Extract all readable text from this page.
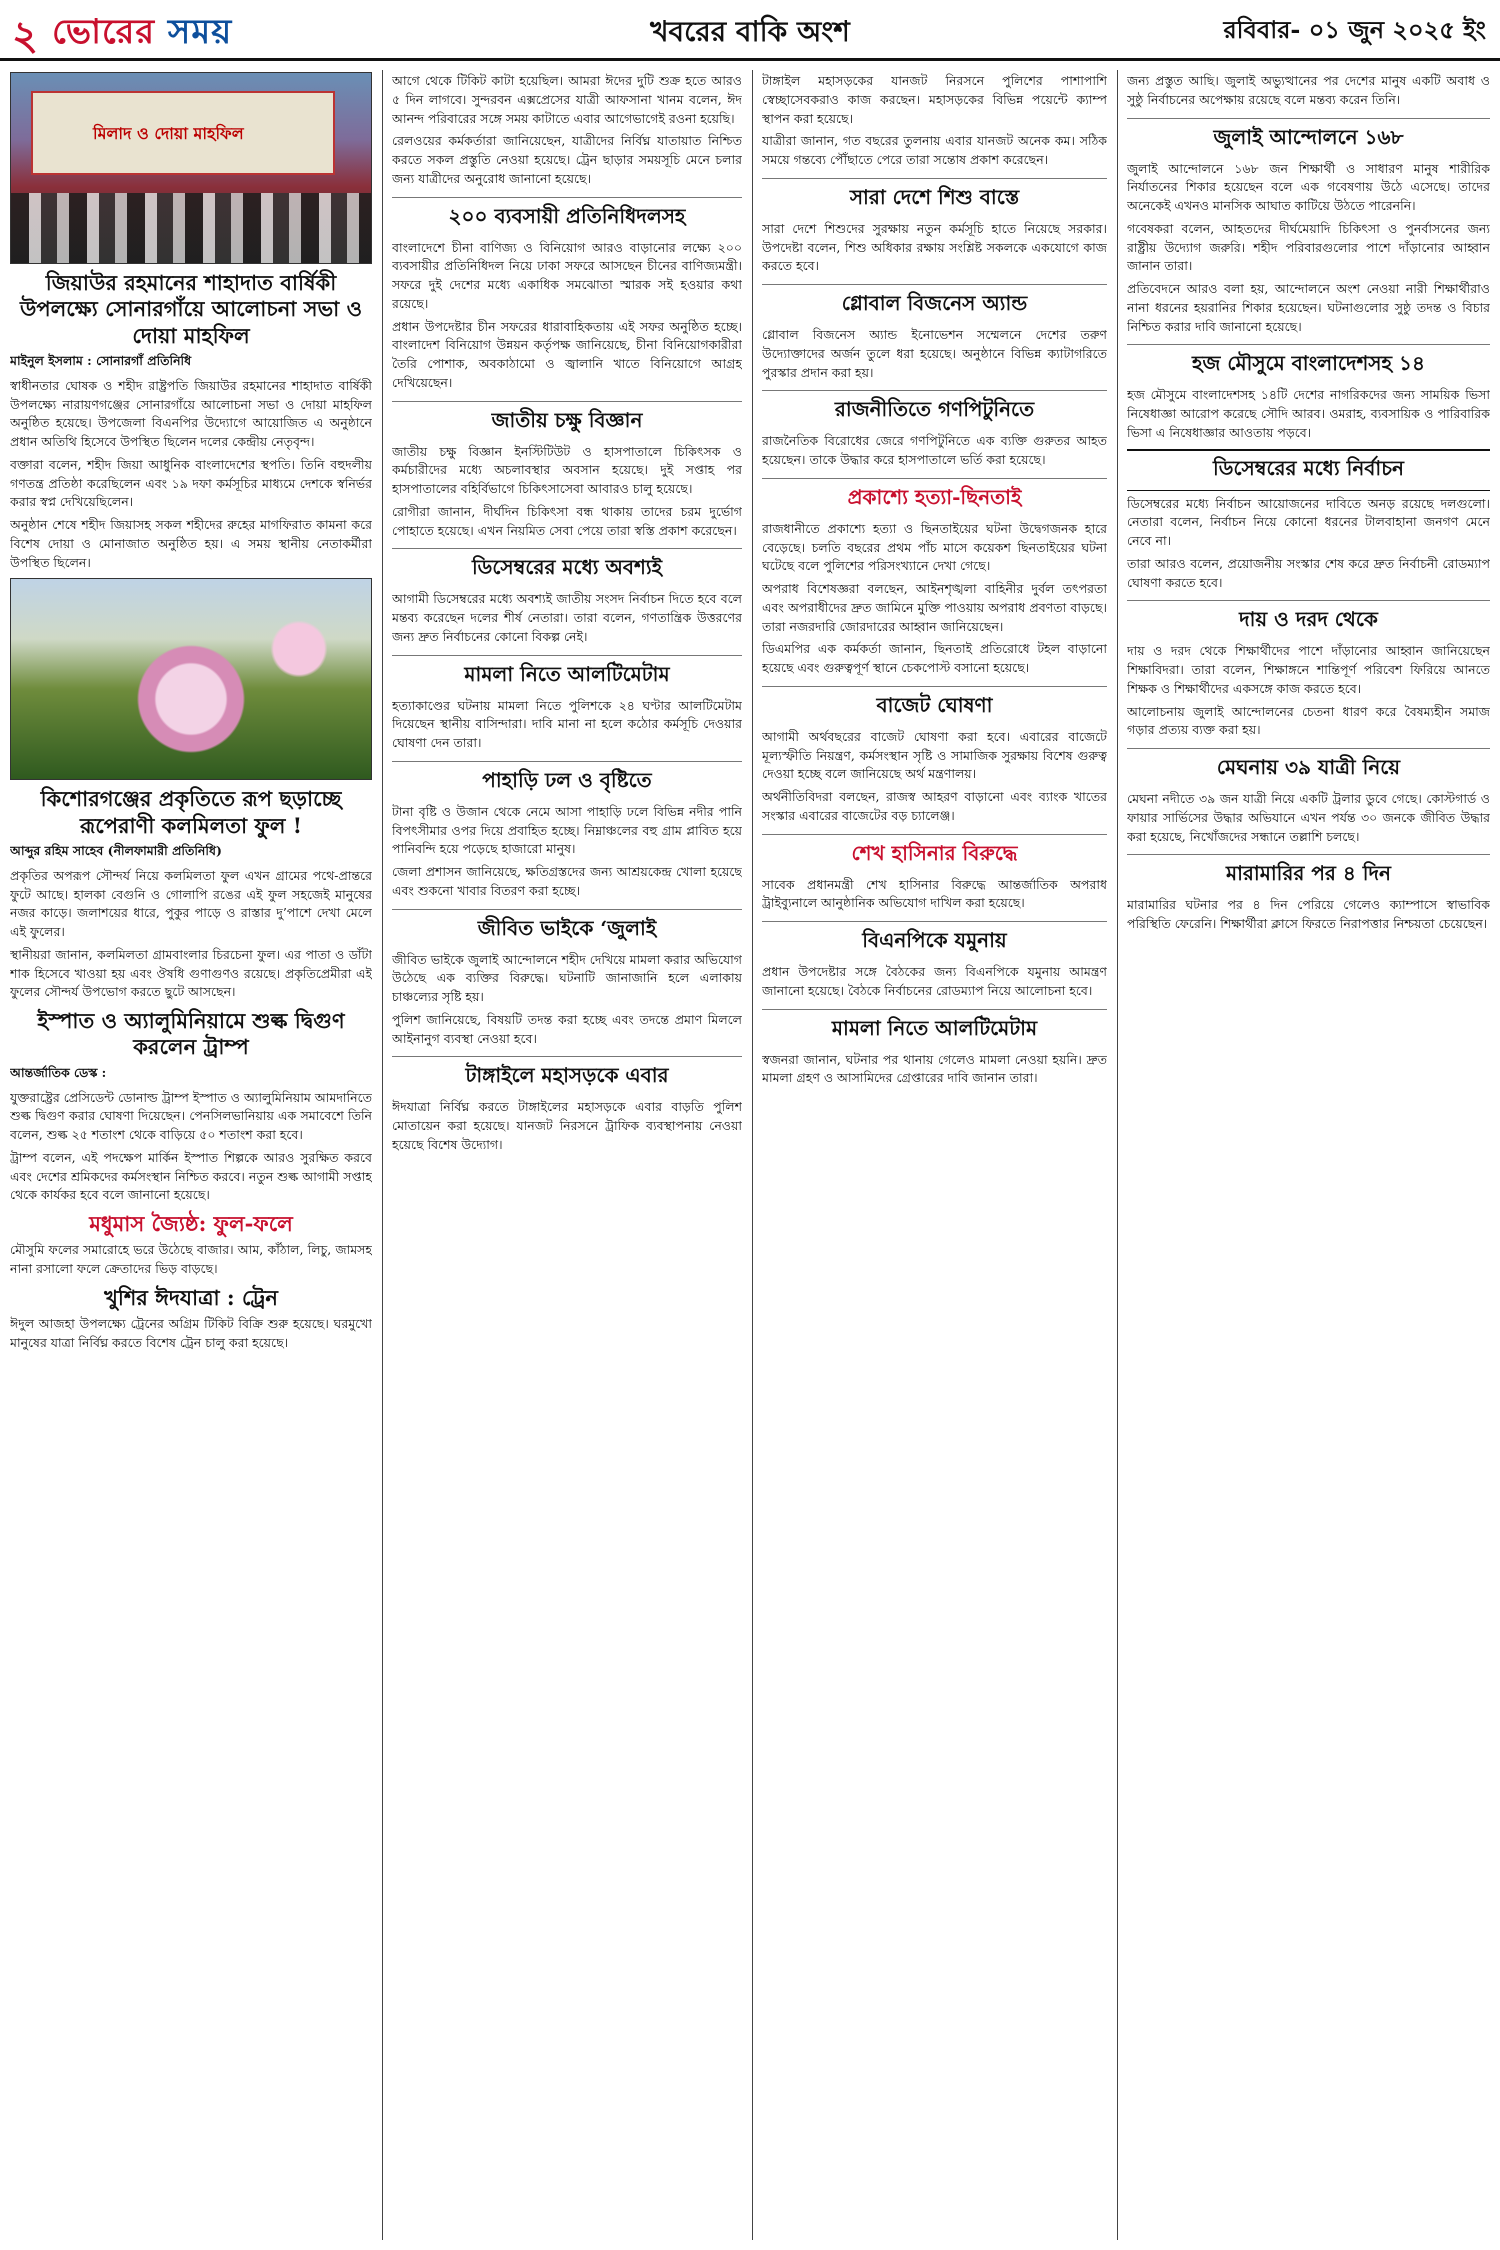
২ ভোরের সময়	খবরের বাকি অংশ	রবিবার- ০১ জুন ২০২৫ ইং
মিলাদ ও দোয়া মাহফিল
জিয়াউর রহমানের শাহাদাত বার্ষিকী উপলক্ষ্যে সোনারগাঁয়ে আলোচনা সভা ও দোয়া মাহফিল
মাইনুল ইসলাম : সোনারগাঁ প্রতিনিধি

স্বাধীনতার ঘোষক ও শহীদ রাষ্ট্রপতি জিয়াউর রহমানের শাহাদাত বার্ষিকী উপলক্ষ্যে নারায়ণগঞ্জের সোনারগাঁয়ে আলোচনা সভা ও দোয়া মাহফিল অনুষ্ঠিত হয়েছে। উপজেলা বিএনপির উদ্যোগে আয়োজিত এ অনুষ্ঠানে প্রধান অতিথি হিসেবে উপস্থিত ছিলেন দলের কেন্দ্রীয় নেতৃবৃন্দ।

বক্তারা বলেন, শহীদ জিয়া আধুনিক বাংলাদেশের স্থপতি। তিনি বহুদলীয় গণতন্ত্র প্রতিষ্ঠা করেছিলেন এবং ১৯ দফা কর্মসূচির মাধ্যমে দেশকে স্বনির্ভর করার স্বপ্ন দেখিয়েছিলেন।

অনুষ্ঠান শেষে শহীদ জিয়াসহ সকল শহীদের রুহের মাগফিরাত কামনা করে বিশেষ দোয়া ও মোনাজাত অনুষ্ঠিত হয়। এ সময় স্থানীয় নেতাকর্মীরা উপস্থিত ছিলেন।

কিশোরগঞ্জের প্রকৃতিতে রূপ ছড়াচ্ছে রূপেরাণী কলমিলতা ফুল !
আব্দুর রহিম সাহেব (নীলফামারী প্রতিনিধি)

প্রকৃতির অপরূপ সৌন্দর্য নিয়ে কলমিলতা ফুল এখন গ্রামের পথে-প্রান্তরে ফুটে আছে। হালকা বেগুনি ও গোলাপি রঙের এই ফুল সহজেই মানুষের নজর কাড়ে। জলাশয়ের ধারে, পুকুর পাড়ে ও রাস্তার দু’পাশে দেখা মেলে এই ফুলের।

স্থানীয়রা জানান, কলমিলতা গ্রামবাংলার চিরচেনা ফুল। এর পাতা ও ডাঁটা শাক হিসেবে খাওয়া হয় এবং ঔষধি গুণাগুণও রয়েছে। প্রকৃতিপ্রেমীরা এই ফুলের সৌন্দর্য উপভোগ করতে ছুটে আসছেন।

ইস্পাত ও অ্যালুমিনিয়ামে শুল্ক দ্বিগুণ করলেন ট্রাম্প
আন্তর্জাতিক ডেস্ক :

যুক্তরাষ্ট্রের প্রেসিডেন্ট ডোনাল্ড ট্রাম্প ইস্পাত ও অ্যালুমিনিয়াম আমদানিতে শুল্ক দ্বিগুণ করার ঘোষণা দিয়েছেন। পেনসিলভানিয়ায় এক সমাবেশে তিনি বলেন, শুল্ক ২৫ শতাংশ থেকে বাড়িয়ে ৫০ শতাংশ করা হবে।

ট্রাম্প বলেন, এই পদক্ষেপ মার্কিন ইস্পাত শিল্পকে আরও সুরক্ষিত করবে এবং দেশের শ্রমিকদের কর্মসংস্থান নিশ্চিত করবে। নতুন শুল্ক আগামী সপ্তাহ থেকে কার্যকর হবে বলে জানানো হয়েছে।

মধুমাস জ্যৈষ্ঠ: ফুল-ফলে

মৌসুমি ফলের সমারোহে ভরে উঠেছে বাজার। আম, কাঁঠাল, লিচু, জামসহ নানা রসালো ফলে ক্রেতাদের ভিড় বাড়ছে।

খুশির ঈদযাত্রা : ট্রেন

ঈদুল আজহা উপলক্ষ্যে ট্রেনের অগ্রিম টিকিট বিক্রি শুরু হয়েছে। ঘরমুখো মানুষের যাত্রা নির্বিঘ্ন করতে বিশেষ ট্রেন চালু করা হয়েছে।

আগে থেকে টিকিট কাটা হয়েছিল। আমরা ঈদের দুটি শুক্র হতে আরও ৫ দিন লাগবে। সুন্দরবন এক্সপ্রেসের যাত্রী আফসানা খানম বলেন, ঈদ আনন্দ পরিবারের সঙ্গে সময় কাটাতে এবার আগেভাগেই রওনা হয়েছি।

রেলওয়ের কর্মকর্তারা জানিয়েছেন, যাত্রীদের নির্বিঘ্ন যাতায়াত নিশ্চিত করতে সকল প্রস্তুতি নেওয়া হয়েছে। ট্রেন ছাড়ার সময়সূচি মেনে চলার জন্য যাত্রীদের অনুরোধ জানানো হয়েছে।

২০০ ব্যবসায়ী প্রতিনিধিদলসহ

বাংলাদেশে চীনা বাণিজ্য ও বিনিয়োগ আরও বাড়ানোর লক্ষ্যে ২০০ ব্যবসায়ীর প্রতিনিধিদল নিয়ে ঢাকা সফরে আসছেন চীনের বাণিজ্যমন্ত্রী। সফরে দুই দেশের মধ্যে একাধিক সমঝোতা স্মারক সই হওয়ার কথা রয়েছে।

প্রধান উপদেষ্টার চীন সফরের ধারাবাহিকতায় এই সফর অনুষ্ঠিত হচ্ছে। বাংলাদেশ বিনিয়োগ উন্নয়ন কর্তৃপক্ষ জানিয়েছে, চীনা বিনিয়োগকারীরা তৈরি পোশাক, অবকাঠামো ও জ্বালানি খাতে বিনিয়োগে আগ্রহ দেখিয়েছেন।

জাতীয় চক্ষু বিজ্ঞান

জাতীয় চক্ষু বিজ্ঞান ইনস্টিটিউট ও হাসপাতালে চিকিৎসক ও কর্মচারীদের মধ্যে অচলাবস্থার অবসান হয়েছে। দুই সপ্তাহ পর হাসপাতালের বহির্বিভাগে চিকিৎসাসেবা আবারও চালু হয়েছে।

রোগীরা জানান, দীর্ঘদিন চিকিৎসা বন্ধ থাকায় তাদের চরম দুর্ভোগ পোহাতে হয়েছে। এখন নিয়মিত সেবা পেয়ে তারা স্বস্তি প্রকাশ করেছেন।

ডিসেম্বরের মধ্যে অবশ্যই

আগামী ডিসেম্বরের মধ্যে অবশ্যই জাতীয় সংসদ নির্বাচন দিতে হবে বলে মন্তব্য করেছেন দলের শীর্ষ নেতারা। তারা বলেন, গণতান্ত্রিক উত্তরণের জন্য দ্রুত নির্বাচনের কোনো বিকল্প নেই।

মামলা নিতে আলটিমেটাম

হত্যাকাণ্ডের ঘটনায় মামলা নিতে পুলিশকে ২৪ ঘণ্টার আলটিমেটাম দিয়েছেন স্থানীয় বাসিন্দারা। দাবি মানা না হলে কঠোর কর্মসূচি দেওয়ার ঘোষণা দেন তারা।

পাহাড়ি ঢল ও বৃষ্টিতে

টানা বৃষ্টি ও উজান থেকে নেমে আসা পাহাড়ি ঢলে বিভিন্ন নদীর পানি বিপৎসীমার ওপর দিয়ে প্রবাহিত হচ্ছে। নিম্নাঞ্চলের বহু গ্রাম প্লাবিত হয়ে পানিবন্দি হয়ে পড়েছে হাজারো মানুষ।

জেলা প্রশাসন জানিয়েছে, ক্ষতিগ্রস্তদের জন্য আশ্রয়কেন্দ্র খোলা হয়েছে এবং শুকনো খাবার বিতরণ করা হচ্ছে।

জীবিত ভাইকে ‘জুলাই

জীবিত ভাইকে জুলাই আন্দোলনে শহীদ দেখিয়ে মামলা করার অভিযোগ উঠেছে এক ব্যক্তির বিরুদ্ধে। ঘটনাটি জানাজানি হলে এলাকায় চাঞ্চল্যের সৃষ্টি হয়।

পুলিশ জানিয়েছে, বিষয়টি তদন্ত করা হচ্ছে এবং তদন্তে প্রমাণ মিললে আইনানুগ ব্যবস্থা নেওয়া হবে।

টাঙ্গাইলে মহাসড়কে এবার

ঈদযাত্রা নির্বিঘ্ন করতে টাঙ্গাইলের মহাসড়কে এবার বাড়তি পুলিশ মোতায়েন করা হয়েছে। যানজট নিরসনে ট্রাফিক ব্যবস্থাপনায় নেওয়া হয়েছে বিশেষ উদ্যোগ।

টাঙ্গাইল মহাসড়কের যানজট নিরসনে পুলিশের পাশাপাশি স্বেচ্ছাসেবকরাও কাজ করছেন। মহাসড়কের বিভিন্ন পয়েন্টে ক্যাম্প স্থাপন করা হয়েছে।

যাত্রীরা জানান, গত বছরের তুলনায় এবার যানজট অনেক কম। সঠিক সময়ে গন্তব্যে পৌঁছাতে পেরে তারা সন্তোষ প্রকাশ করেছেন।

সারা দেশে শিশু বাস্তে

সারা দেশে শিশুদের সুরক্ষায় নতুন কর্মসূচি হাতে নিয়েছে সরকার। উপদেষ্টা বলেন, শিশু অধিকার রক্ষায় সংশ্লিষ্ট সকলকে একযোগে কাজ করতে হবে।

গ্লোবাল বিজনেস অ্যান্ড

গ্লোবাল বিজনেস অ্যান্ড ইনোভেশন সম্মেলনে দেশের তরুণ উদ্যোক্তাদের অর্জন তুলে ধরা হয়েছে। অনুষ্ঠানে বিভিন্ন ক্যাটাগরিতে পুরস্কার প্রদান করা হয়।

রাজনীতিতে গণপিটুনিতে

রাজনৈতিক বিরোধের জেরে গণপিটুনিতে এক ব্যক্তি গুরুতর আহত হয়েছেন। তাকে উদ্ধার করে হাসপাতালে ভর্তি করা হয়েছে।

প্রকাশ্যে হত্যা-ছিনতাই

রাজধানীতে প্রকাশ্যে হত্যা ও ছিনতাইয়ের ঘটনা উদ্বেগজনক হারে বেড়েছে। চলতি বছরের প্রথম পাঁচ মাসে কয়েকশ ছিনতাইয়ের ঘটনা ঘটেছে বলে পুলিশের পরিসংখ্যানে দেখা গেছে।

অপরাধ বিশেষজ্ঞরা বলছেন, আইনশৃঙ্খলা বাহিনীর দুর্বল তৎপরতা এবং অপরাধীদের দ্রুত জামিনে মুক্তি পাওয়ায় অপরাধ প্রবণতা বাড়ছে। তারা নজরদারি জোরদারের আহ্বান জানিয়েছেন।

ডিএমপির এক কর্মকর্তা জানান, ছিনতাই প্রতিরোধে টহল বাড়ানো হয়েছে এবং গুরুত্বপূর্ণ স্থানে চেকপোস্ট বসানো হয়েছে।

বাজেট ঘোষণা

আগামী অর্থবছরের বাজেট ঘোষণা করা হবে। এবারের বাজেটে মূল্যস্ফীতি নিয়ন্ত্রণ, কর্মসংস্থান সৃষ্টি ও সামাজিক সুরক্ষায় বিশেষ গুরুত্ব দেওয়া হচ্ছে বলে জানিয়েছে অর্থ মন্ত্রণালয়।

অর্থনীতিবিদরা বলছেন, রাজস্ব আহরণ বাড়ানো এবং ব্যাংক খাতের সংস্কার এবারের বাজেটের বড় চ্যালেঞ্জ।

শেখ হাসিনার বিরুদ্ধে

সাবেক প্রধানমন্ত্রী শেখ হাসিনার বিরুদ্ধে আন্তর্জাতিক অপরাধ ট্রাইব্যুনালে আনুষ্ঠানিক অভিযোগ দাখিল করা হয়েছে।

বিএনপিকে যমুনায়

প্রধান উপদেষ্টার সঙ্গে বৈঠকের জন্য বিএনপিকে যমুনায় আমন্ত্রণ জানানো হয়েছে। বৈঠকে নির্বাচনের রোডম্যাপ নিয়ে আলোচনা হবে।

মামলা নিতে আলটিমেটাম

স্বজনরা জানান, ঘটনার পর থানায় গেলেও মামলা নেওয়া হয়নি। দ্রুত মামলা গ্রহণ ও আসামিদের গ্রেপ্তারের দাবি জানান তারা।

জন্য প্রস্তুত আছি। জুলাই অভ্যুত্থানের পর দেশের মানুষ একটি অবাধ ও সুষ্ঠু নির্বাচনের অপেক্ষায় রয়েছে বলে মন্তব্য করেন তিনি।

জুলাই আন্দোলনে ১৬৮

জুলাই আন্দোলনে ১৬৮ জন শিক্ষার্থী ও সাধারণ মানুষ শারীরিক নির্যাতনের শিকার হয়েছেন বলে এক গবেষণায় উঠে এসেছে। তাদের অনেকেই এখনও মানসিক আঘাত কাটিয়ে উঠতে পারেননি।

গবেষকরা বলেন, আহতদের দীর্ঘমেয়াদি চিকিৎসা ও পুনর্বাসনের জন্য রাষ্ট্রীয় উদ্যোগ জরুরি। শহীদ পরিবারগুলোর পাশে দাঁড়ানোর আহ্বান জানান তারা।

প্রতিবেদনে আরও বলা হয়, আন্দোলনে অংশ নেওয়া নারী শিক্ষার্থীরাও নানা ধরনের হয়রানির শিকার হয়েছেন। ঘটনাগুলোর সুষ্ঠু তদন্ত ও বিচার নিশ্চিত করার দাবি জানানো হয়েছে।

হজ মৌসুমে বাংলাদেশসহ ১৪

হজ মৌসুমে বাংলাদেশসহ ১৪টি দেশের নাগরিকদের জন্য সাময়িক ভিসা নিষেধাজ্ঞা আরোপ করেছে সৌদি আরব। ওমরাহ, ব্যবসায়িক ও পারিবারিক ভিসা এ নিষেধাজ্ঞার আওতায় পড়বে।

ডিসেম্বরের মধ্যে নির্বাচন

ডিসেম্বরের মধ্যে নির্বাচন আয়োজনের দাবিতে অনড় রয়েছে দলগুলো। নেতারা বলেন, নির্বাচন নিয়ে কোনো ধরনের টালবাহানা জনগণ মেনে নেবে না।

তারা আরও বলেন, প্রয়োজনীয় সংস্কার শেষ করে দ্রুত নির্বাচনী রোডম্যাপ ঘোষণা করতে হবে।

দায় ও দরদ থেকে

দায় ও দরদ থেকে শিক্ষার্থীদের পাশে দাঁড়ানোর আহ্বান জানিয়েছেন শিক্ষাবিদরা। তারা বলেন, শিক্ষাঙ্গনে শান্তিপূর্ণ পরিবেশ ফিরিয়ে আনতে শিক্ষক ও শিক্ষার্থীদের একসঙ্গে কাজ করতে হবে।

আলোচনায় জুলাই আন্দোলনের চেতনা ধারণ করে বৈষম্যহীন সমাজ গড়ার প্রত্যয় ব্যক্ত করা হয়।

মেঘনায় ৩৯ যাত্রী নিয়ে

মেঘনা নদীতে ৩৯ জন যাত্রী নিয়ে একটি ট্রলার ডুবে গেছে। কোস্টগার্ড ও ফায়ার সার্ভিসের উদ্ধার অভিযানে এখন পর্যন্ত ৩০ জনকে জীবিত উদ্ধার করা হয়েছে, নিখোঁজদের সন্ধানে তল্লাশি চলছে।

মারামারির পর ৪ দিন

মারামারির ঘটনার পর ৪ দিন পেরিয়ে গেলেও ক্যাম্পাসে স্বাভাবিক পরিস্থিতি ফেরেনি। শিক্ষার্থীরা ক্লাসে ফিরতে নিরাপত্তার নিশ্চয়তা চেয়েছেন।
